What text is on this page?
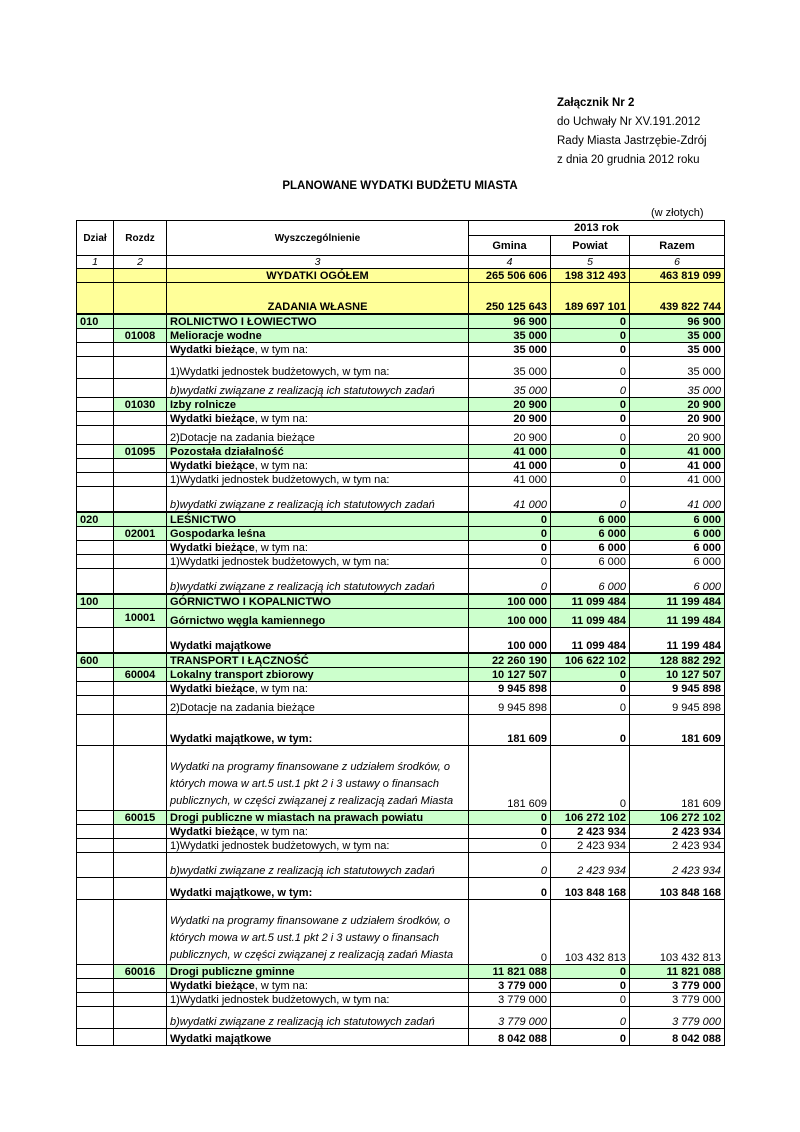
Załącznik Nr 2
do Uchwały Nr XV.191.2012
Rady Miasta Jastrzębie-Zdrój
z dnia 20 grudnia 2012 roku
PLANOWANE WYDATKI BUDŻETU MIASTA
(w złotych)
Dział	Rozdz	Wyszczególnienie	2013 rok		
			Gmina	Powiat	Razem
1	2	3	4	5	6
		WYDATKI OGÓŁEM	265 506 606	198 312 493	463 819 099
		ZADANIA WŁASNE	250 125 643	189 697 101	439 822 744
010		ROLNICTWO I ŁOWIECTWO	96 900	0	96 900
	01008	Melioracje wodne	35 000	0	35 000
		Wydatki bieżące, w tym na:	35 000	0	35 000
		1)Wydatki jednostek budżetowych, w tym na:	35 000	0	35 000
		b)wydatki związane z realizacją ich statutowych zadań	35 000	0	35 000
	01030	Izby rolnicze	20 900	0	20 900
		Wydatki bieżące, w tym na:	20 900	0	20 900
		2)Dotacje na zadania bieżące	20 900	0	20 900
	01095	Pozostała działalność	41 000	0	41 000
		Wydatki bieżące, w tym na:	41 000	0	41 000
		1)Wydatki jednostek budżetowych, w tym na:	41 000	0	41 000
		b)wydatki związane z realizacją ich statutowych zadań	41 000	0	41 000
020		LEŚNICTWO	0	6 000	6 000
	02001	Gospodarka leśna	0	6 000	6 000
		Wydatki bieżące, w tym na:	0	6 000	6 000
		1)Wydatki jednostek budżetowych, w tym na:	0	6 000	6 000
		b)wydatki związane z realizacją ich statutowych zadań	0	6 000	6 000
100		GÓRNICTWO I KOPALNICTWO	100 000	11 099 484	11 199 484
	10001	Górnictwo węgla kamiennego	100 000	11 099 484	11 199 484
		Wydatki majątkowe	100 000	11 099 484	11 199 484
600		TRANSPORT I ŁĄCZNOŚĆ	22 260 190	106 622 102	128 882 292
	60004	Lokalny transport zbiorowy	10 127 507	0	10 127 507
		Wydatki bieżące, w tym na:	9 945 898	0	9 945 898
		2)Dotacje na zadania bieżące	9 945 898	0	9 945 898
		Wydatki majątkowe, w tym:	181 609	0	181 609
		Wydatki na programy finansowane z udziałem środków, o których mowa w art.5 ust.1 pkt 2 i 3 ustawy o finansach publicznych, w części związanej z realizacją zadań Miasta	181 609	0	181 609
	60015	Drogi publiczne w miastach na prawach powiatu	0	106 272 102	106 272 102
		Wydatki bieżące, w tym na:	0	2 423 934	2 423 934
		1)Wydatki jednostek budżetowych, w tym na:	0	2 423 934	2 423 934
		b)wydatki związane z realizacją ich statutowych zadań	0	2 423 934	2 423 934
		Wydatki majątkowe, w tym:	0	103 848 168	103 848 168
		Wydatki na programy finansowane z udziałem środków, o których mowa w art.5 ust.1 pkt 2 i 3 ustawy o finansach publicznych, w części związanej z realizacją zadań Miasta	0	103 432 813	103 432 813
	60016	Drogi publiczne gminne	11 821 088	0	11 821 088
		Wydatki bieżące, w tym na:	3 779 000	0	3 779 000
		1)Wydatki jednostek budżetowych, w tym na:	3 779 000	0	3 779 000
		b)wydatki związane z realizacją ich statutowych zadań	3 779 000	0	3 779 000
		Wydatki majątkowe	8 042 088	0	8 042 088
